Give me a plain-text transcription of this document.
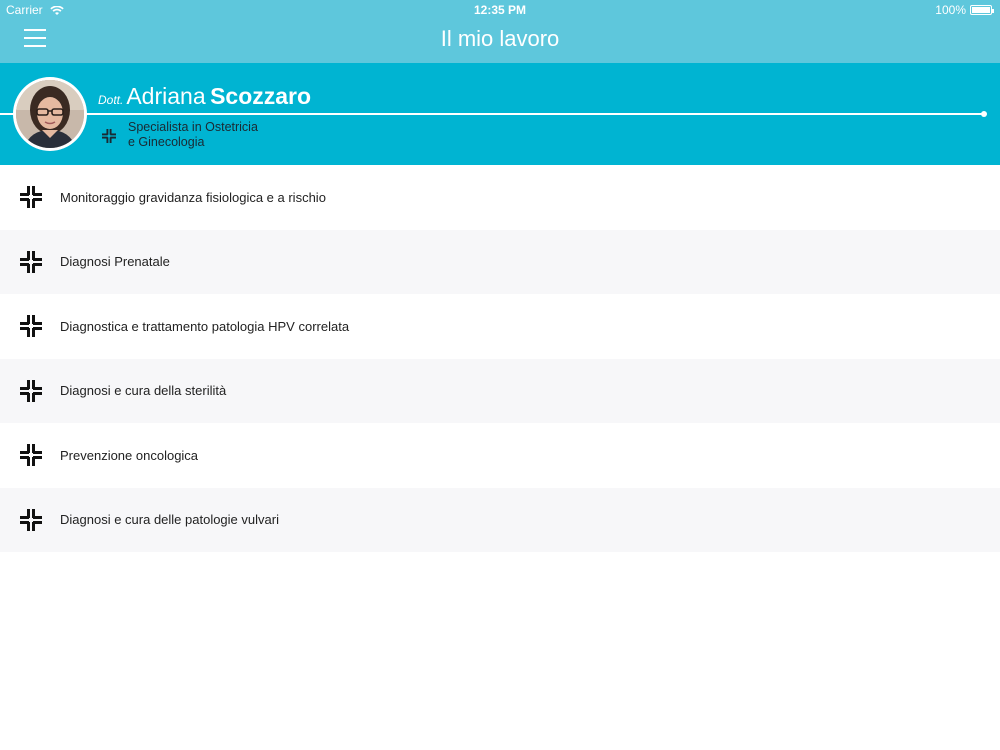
Carrier	12:35 PM	100%
Il mio lavoro
Dott. Adriana Scozzaro
Specialista in Ostetricia
e Ginecologia
Monitoraggio gravidanza fisiologica e a rischio
Diagnosi Prenatale
Diagnostica e trattamento patologia HPV correlata
Diagnosi e cura della sterilità
Prevenzione oncologica
Diagnosi e cura delle patologie vulvari
